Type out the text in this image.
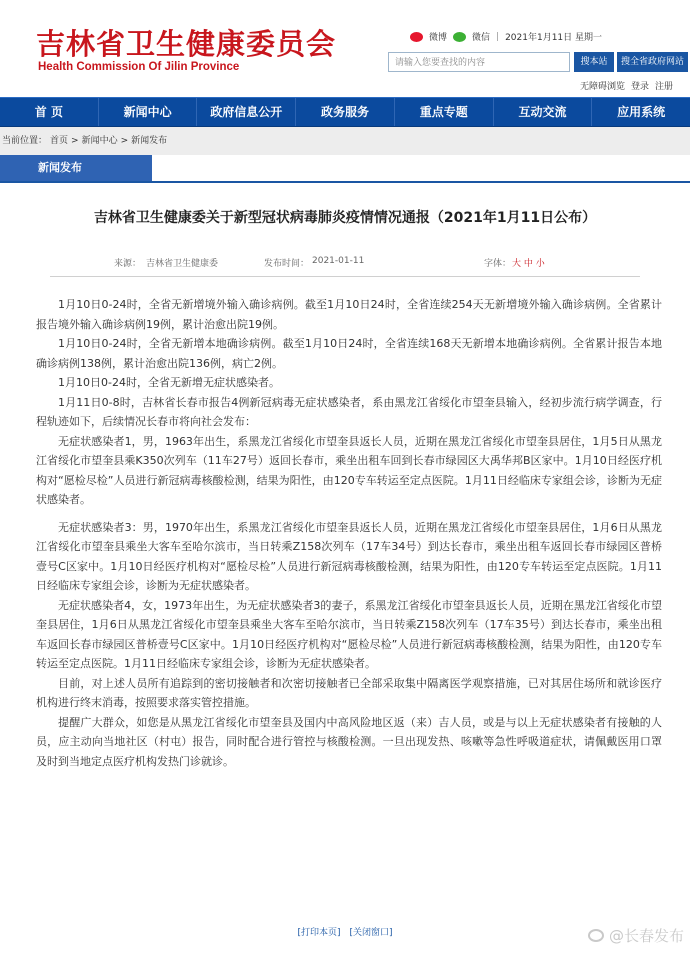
吉林省卫生健康委员会
Health Commission Of Jilin Province
微博	微信 | 2021年1月11日 星期一
请输入您要查找的内容	搜本站	搜全省政府网站
无障碍浏览 登录 注册
首 页	新闻中心	政府信息公开	政务服务	重点专题	互动交流	应用系统
当前位置： 首页 > 新闻中心 > 新闻发布
新闻发布
吉林省卫生健康委关于新型冠状病毒肺炎疫情情况通报（2021年1月11日公布）
来源： 吉林省卫生健康委	发布时间： 2021-01-11	字体： 大 中 小

1月10日0-24时，全省无新增境外输入确诊病例。截至1月10日24时，全省连续254天无新增境外输入确诊病例。全省累计报告境外输入确诊病例19例，累计治愈出院19例。

1月10日0-24时，全省无新增本地确诊病例。截至1月10日24时，全省连续168天无新增本地确诊病例。全省累计报告本地确诊病例138例，累计治愈出院136例，病亡2例。

1月10日0-24时，全省无新增无症状感染者。

1月11日0-8时，吉林省长春市报告4例新冠病毒无症状感染者，系由黑龙江省绥化市望奎县输入，经初步流行病学调查，行程轨迹如下，后续情况长春市将向社会发布：

无症状感染者1，男，1963年出生，系黑龙江省绥化市望奎县返长人员，近期在黑龙江省绥化市望奎县居住，1月5日从黑龙江省绥化市望奎县乘K350次列车（11车27号）返回长春市，乘坐出租车回到长春市绿园区大禹华邦B区家中。1月10日经医疗机构对“愿检尽检”人员进行新冠病毒核酸检测，结果为阳性，由120专车转运至定点医院。1月11日经临床专家组会诊，诊断为无症状感染者。

无症状感染者3：男，1970年出生，系黑龙江省绥化市望奎县返长人员，近期在黑龙江省绥化市望奎县居住，1月6日从黑龙江省绥化市望奎县乘坐大客车至哈尔滨市，当日转乘Z158次列车（17车34号）到达长春市，乘坐出租车返回长春市绿园区普桥壹号C区家中。1月10日经医疗机构对“愿检尽检”人员进行新冠病毒核酸检测，结果为阳性，由120专车转运至定点医院。1月11日经临床专家组会诊，诊断为无症状感染者。

无症状感染者4，女，1973年出生，为无症状感染者3的妻子，系黑龙江省绥化市望奎县返长人员，近期在黑龙江省绥化市望奎县居住，1月6日从黑龙江省绥化市望奎县乘坐大客车至哈尔滨市，当日转乘Z158次列车（17车35号）到达长春市，乘坐出租车返回长春市绿园区普桥壹号C区家中。1月10日经医疗机构对“愿检尽检”人员进行新冠病毒核酸检测，结果为阳性，由120专车转运至定点医院。1月11日经临床专家组会诊，诊断为无症状感染者。

目前，对上述人员所有追踪到的密切接触者和次密切接触者已全部采取集中隔离医学观察措施，已对其居住场所和就诊医疗机构进行终末消毒，按照要求落实管控措施。

提醒广大群众，如您是从黑龙江省绥化市望奎县及国内中高风险地区返（来）吉人员，或是与以上无症状感染者有接触的人员，应主动向当地社区（村屯）报告，同时配合进行管控与核酸检测。一旦出现发热、咳嗽等急性呼吸道症状，请佩戴医用口罩及时到当地定点医疗机构发热门诊就诊。

[打印本页] [关闭窗口]	@长春发布
